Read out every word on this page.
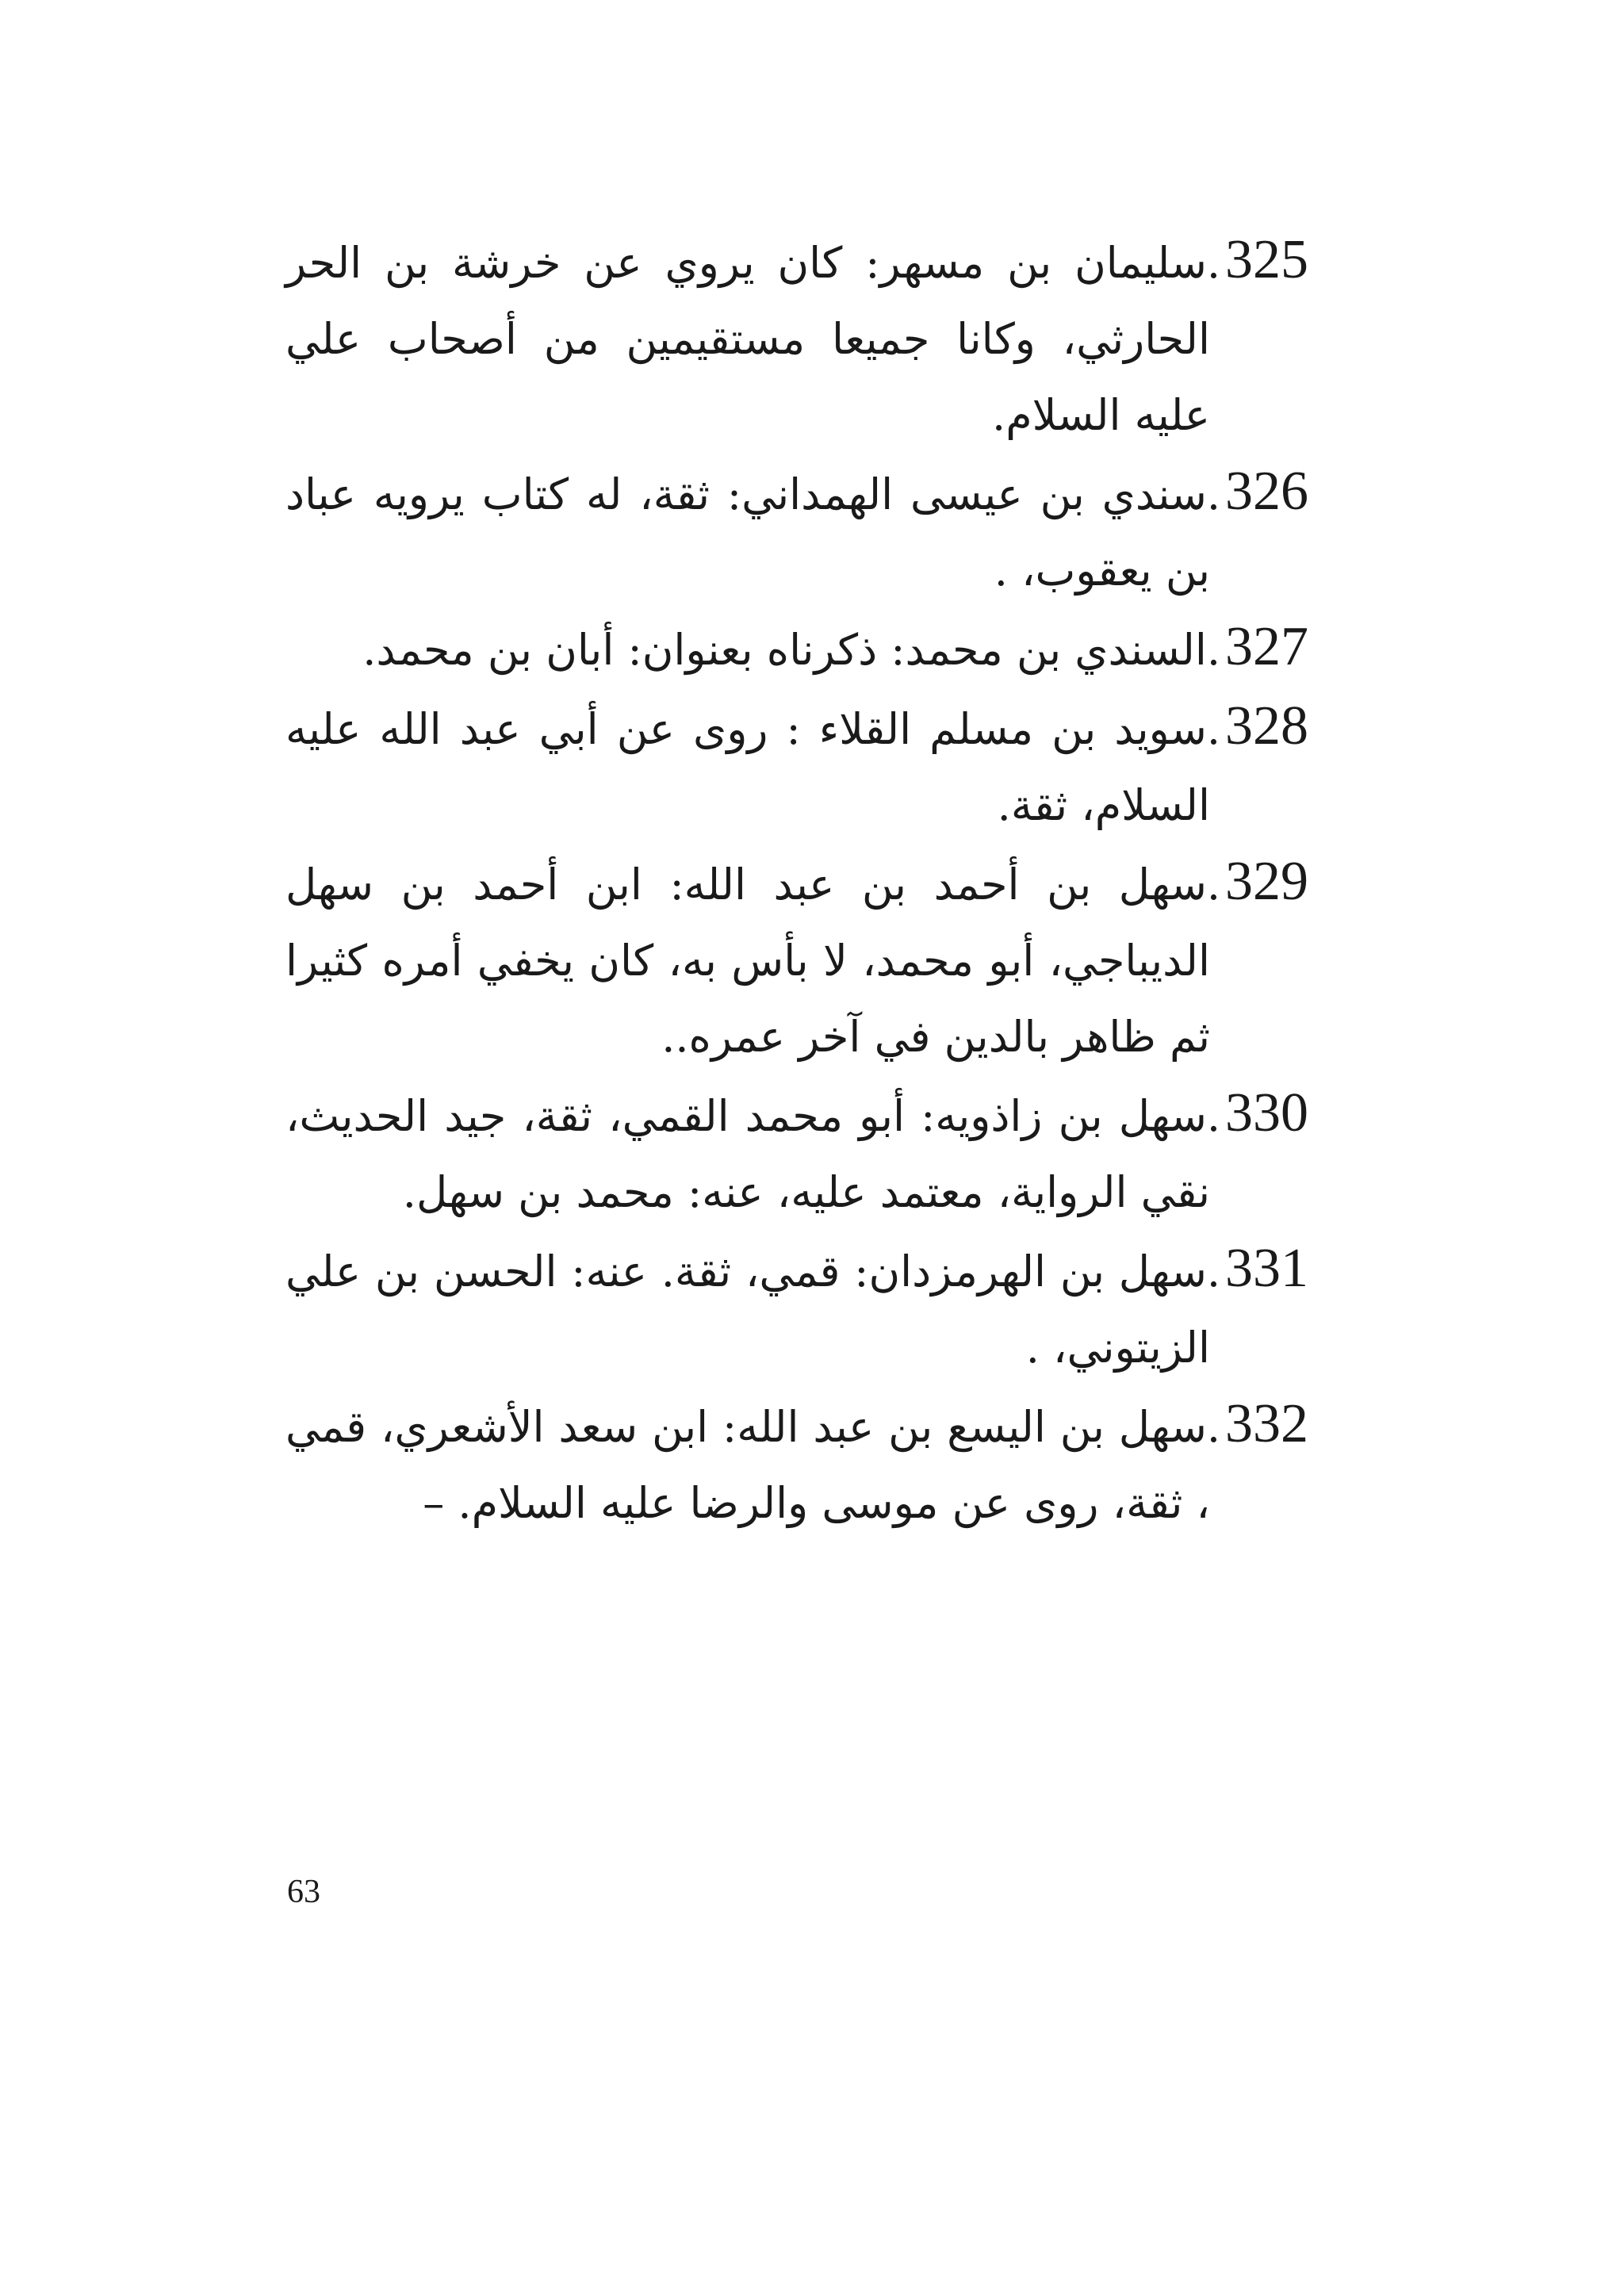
325.سليمان بن مسهر: كان يروي عن خرشة بن الحر الحارثي، وكانا جميعا مستقيمين من أصحاب علي عليه السلام.

326.سندي بن عيسى الهمداني: ثقة، له كتاب يرويه عباد بن يعقوب، .

327.السندي بن محمد: ذكرناه بعنوان: أبان بن محمد.

328.سويد بن مسلم القلاء : روى عن أبي عبد الله عليه السلام، ثقة.

329.سهل بن أحمد بن عبد الله: ابن أحمد بن سهل الديباجي، أبو محمد، لا بأس به، كان يخفي أمره كثيرا ثم ظاهر بالدين في آخر عمره..

330.سهل بن زاذويه: أبو محمد القمي، ثقة، جيد الحديث، نقي الرواية، معتمد عليه، عنه: محمد بن سهل.

331.سهل بن الهرمزدان: قمي، ثقة. عنه: الحسن بن علي الزيتوني، .

332.سهل بن اليسع بن عبد الله: ابن سعد الأشعري، قمي ، ثقة، روى عن موسى والرضا عليه السلام. –

63
